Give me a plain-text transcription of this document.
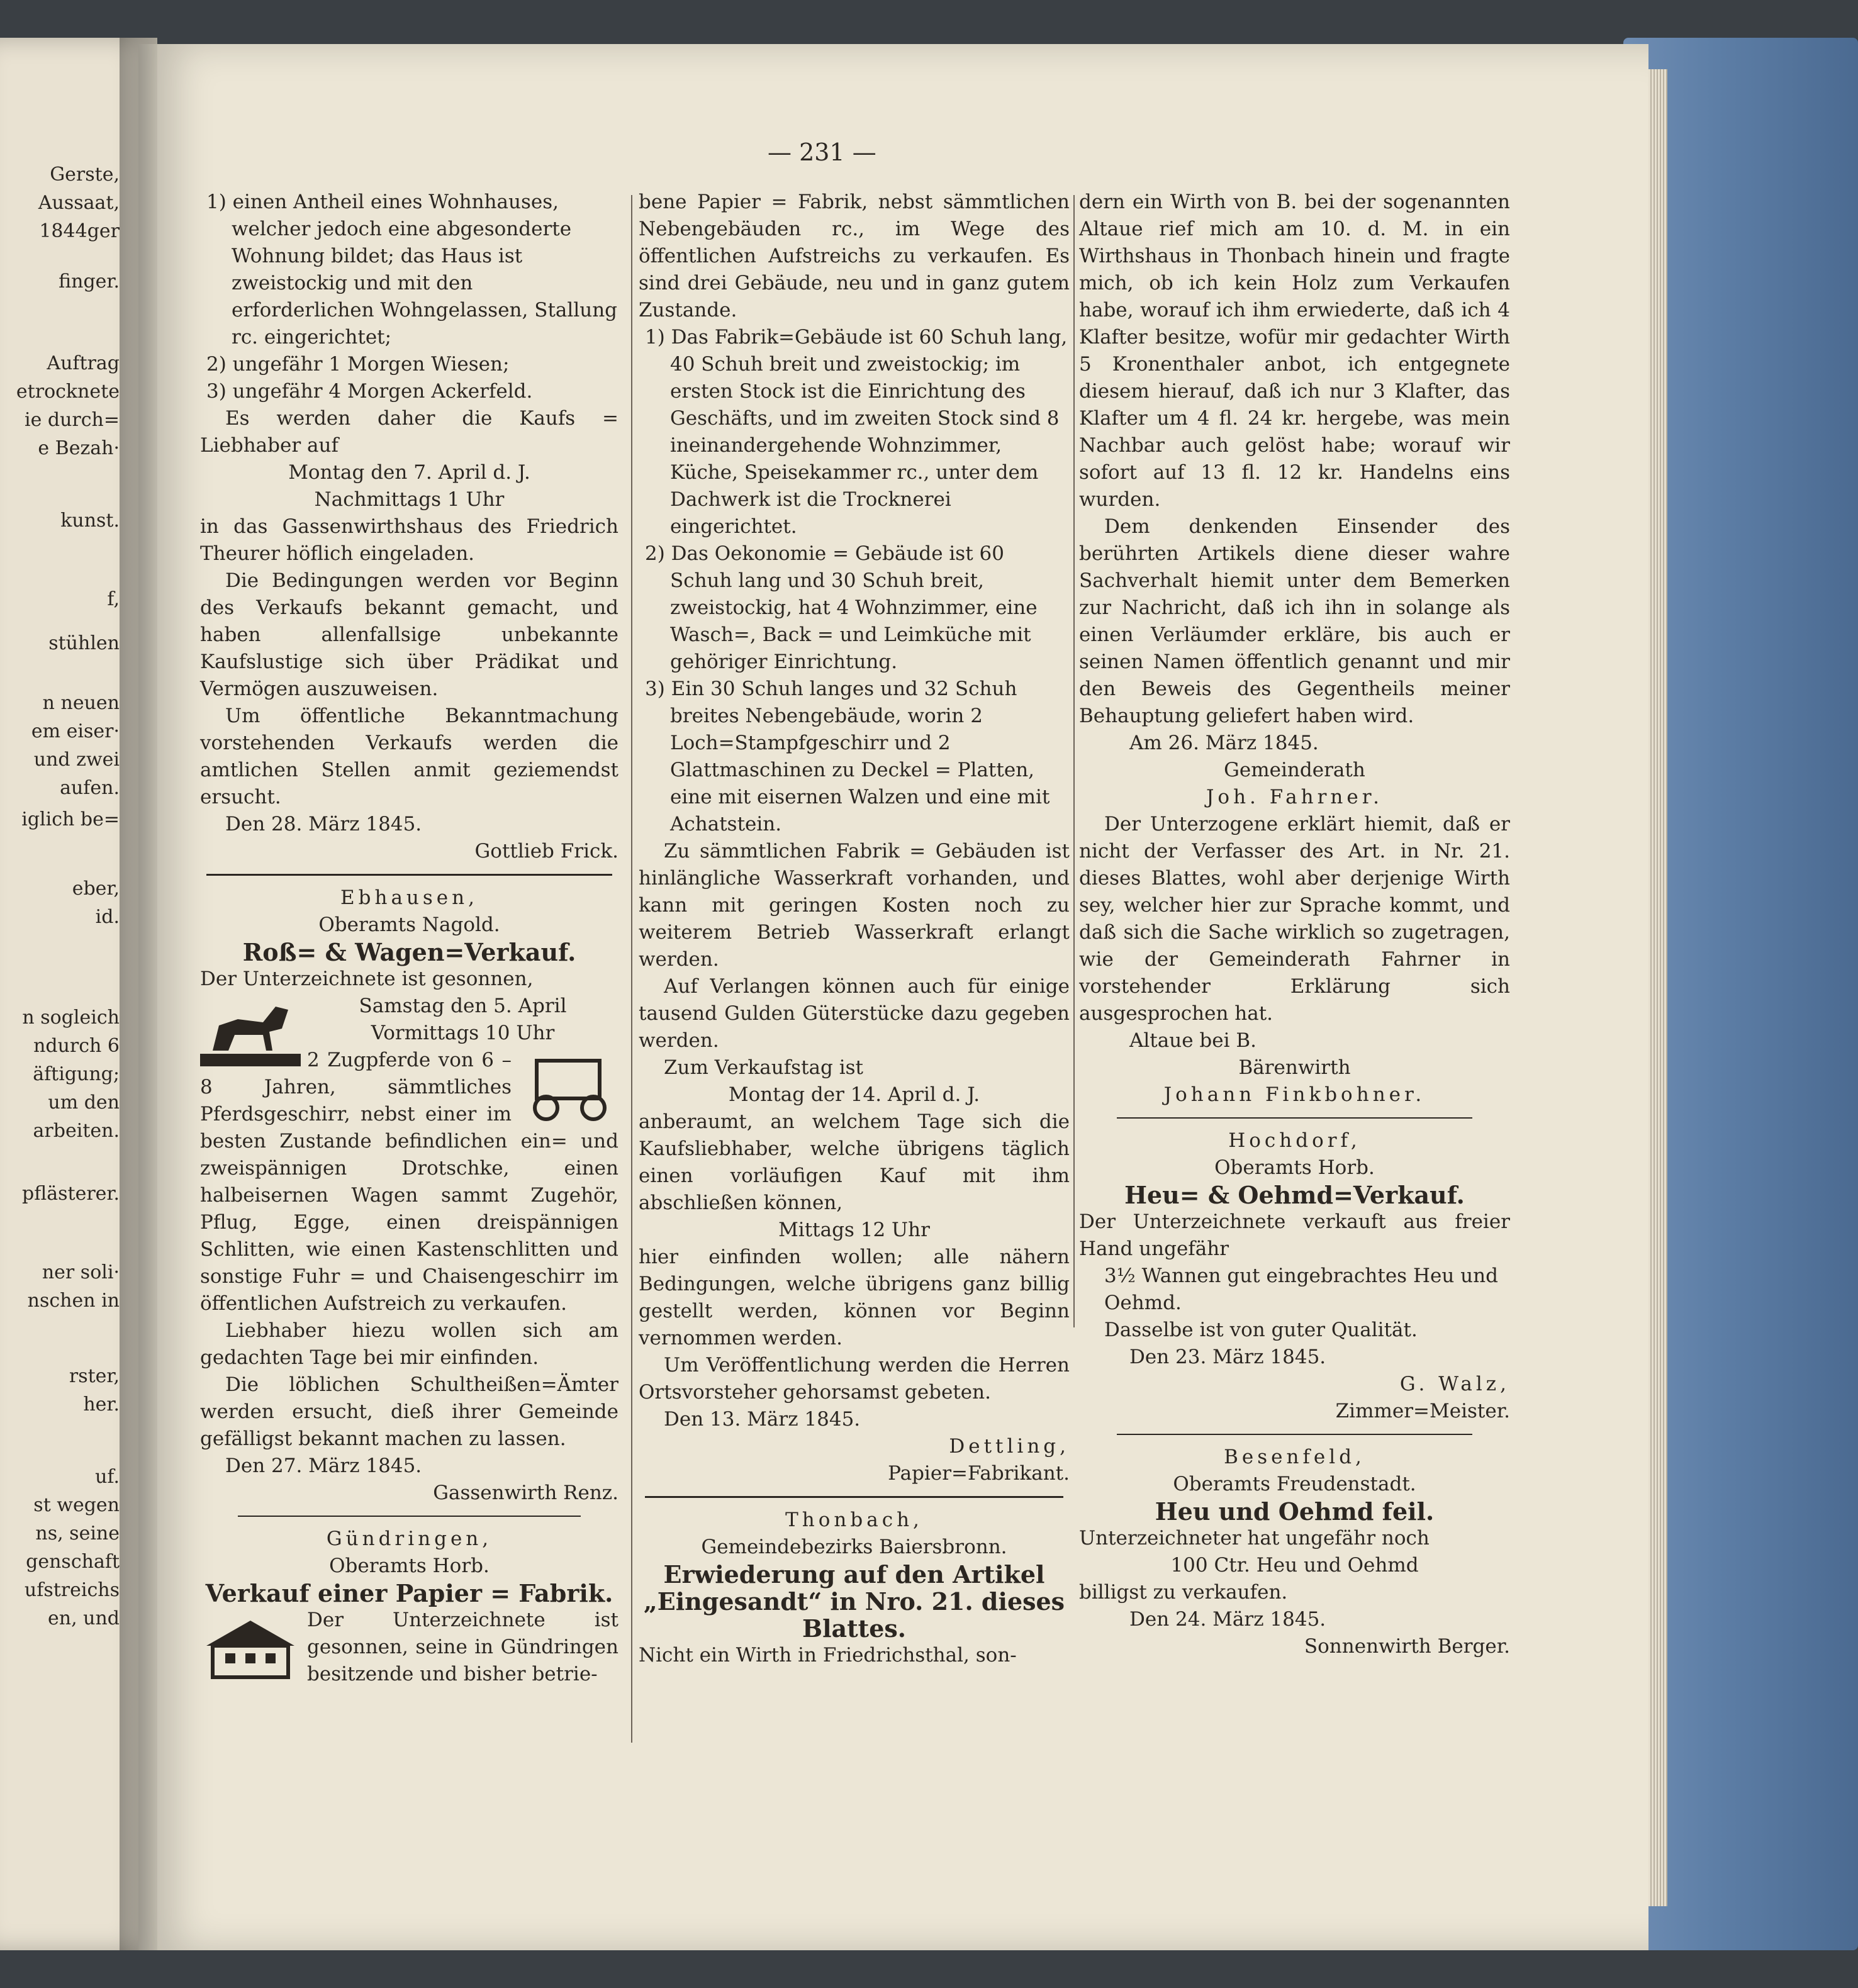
Gerste,
Aussaat,
1844ger
finger.
Auftrag
etrocknete
ie durch=
e Bezah·
kunst.
f,
stühlen
n neuen
em eiser·
und zwei
aufen.
iglich be=
eber,
id.
n sogleich
ndurch 6
äftigung;
um den
arbeiten.
pflästerer.
ner soli·
nschen in
rster,
her.
uf.
st wegen
ns, seine
genschaft
ufstreichs
en, und
— 231 —
1) einen Antheil eines Wohnhauses, welcher jedoch eine abgesonderte Wohnung bildet; das Haus ist zweistockig und mit den erforderlichen Wohngelassen, Stallung rc. eingerichtet;
2) ungefähr 1 Morgen Wiesen;
3) ungefähr 4 Morgen Ackerfeld.

Es werden daher die Kaufs = Liebhaber auf

Montag den 7. April d. J.
Nachmittags 1 Uhr

in das Gassenwirthshaus des Friedrich Theurer höflich eingeladen.

Die Bedingungen werden vor Beginn des Verkaufs bekannt gemacht, und haben allenfallsige unbekannte Kaufslustige sich über Prädikat und Vermögen auszuweisen.

Um öffentliche Bekanntmachung vorstehenden Verkaufs werden die amtlichen Stellen anmit geziemendst ersucht.

Den 28. März 1845.
Gottlieb Frick.
Ebhausen,
Oberamts Nagold.
Roß= & Wagen=Verkauf.

Der Unterzeichnete ist gesonnen,

Samstag den 5. April
Vormittags 10 Uhr

2 Zugpferde von 6 – 8 Jahren, sämmtliches Pferdsgeschirr, nebst einer im besten Zustande befindlichen ein= und zweispännigen Drotschke, einen halbeisernen Wagen sammt Zugehör, Pflug, Egge, einen dreispännigen Schlitten, wie einen Kastenschlitten und sonstige Fuhr = und Chaisengeschirr im öffentlichen Aufstreich zu verkaufen.

Liebhaber hiezu wollen sich am gedachten Tage bei mir einfinden.

Die löblichen Schultheißen=Ämter werden ersucht, dieß ihrer Gemeinde gefälligst bekannt machen zu lassen.

Den 27. März 1845.
Gassenwirth Renz.
Gündringen,
Oberamts Horb.
Verkauf einer Papier = Fabrik.

Der Unterzeichnete ist gesonnen, seine in Gündringen besitzende und bisher betrie-

bene Papier = Fabrik, nebst sämmtlichen Nebengebäuden rc., im Wege des öffentlichen Aufstreichs zu verkaufen. Es sind drei Gebäude, neu und in ganz gutem Zustande.

1) Das Fabrik=Gebäude ist 60 Schuh lang, 40 Schuh breit und zweistockig; im ersten Stock ist die Einrichtung des Geschäfts, und im zweiten Stock sind 8 ineinandergehende Wohnzimmer, Küche, Speisekammer rc., unter dem Dachwerk ist die Trocknerei eingerichtet.
2) Das Oekonomie = Gebäude ist 60 Schuh lang und 30 Schuh breit, zweistockig, hat 4 Wohnzimmer, eine Wasch=, Back = und Leimküche mit gehöriger Einrichtung.
3) Ein 30 Schuh langes und 32 Schuh breites Nebengebäude, worin 2 Loch=Stampfgeschirr und 2 Glattmaschinen zu Deckel = Platten, eine mit eisernen Walzen und eine mit Achatstein.

Zu sämmtlichen Fabrik = Gebäuden ist hinlängliche Wasserkraft vorhanden, und kann mit geringen Kosten noch zu weiterem Betrieb Wasserkraft erlangt werden.

Auf Verlangen können auch für einige tausend Gulden Güterstücke dazu gegeben werden.

Zum Verkaufstag ist
Montag der 14. April d. J.

anberaumt, an welchem Tage sich die Kaufsliebhaber, welche übrigens täglich einen vorläufigen Kauf mit ihm abschließen können,

Mittags 12 Uhr

hier einfinden wollen; alle nähern Bedingungen, welche übrigens ganz billig gestellt werden, können vor Beginn vernommen werden.

Um Veröffentlichung werden die Herren Ortsvorsteher gehorsamst gebeten.

Den 13. März 1845.
Dettling,
Papier=Fabrikant.
Thonbach,
Gemeindebezirks Baiersbronn.
Erwiederung auf den Artikel „Eingesandt“ in Nro. 21. dieses Blattes.

Nicht ein Wirth in Friedrichsthal, son-

dern ein Wirth von B. bei der sogenannten Altaue rief mich am 10. d. M. in ein Wirthshaus in Thonbach hinein und fragte mich, ob ich kein Holz zum Verkaufen habe, worauf ich ihm erwiederte, daß ich 4 Klafter besitze, wofür mir gedachter Wirth 5 Kronenthaler anbot, ich entgegnete diesem hierauf, daß ich nur 3 Klafter, das Klafter um 4 fl. 24 kr. hergebe, was mein Nachbar auch gelöst habe; worauf wir sofort auf 13 fl. 12 kr. Handelns eins wurden.

Dem denkenden Einsender des berührten Artikels diene dieser wahre Sachverhalt hiemit unter dem Bemerken zur Nachricht, daß ich ihn in solange als einen Verläumder erkläre, bis auch er seinen Namen öffentlich genannt und mir den Beweis des Gegentheils meiner Behauptung geliefert haben wird.

Am 26. März 1845.
Gemeinderath
Joh. Fahrner.

Der Unterzogene erklärt hiemit, daß er nicht der Verfasser des Art. in Nr. 21. dieses Blattes, wohl aber derjenige Wirth sey, welcher hier zur Sprache kommt, und daß sich die Sache wirklich so zugetragen, wie der Gemeinderath Fahrner in vorstehender Erklärung sich ausgesprochen hat.

Altaue bei B.
Bärenwirth
Johann Finkbohner.
Hochdorf,
Oberamts Horb.
Heu= & Oehmd=Verkauf.

Der Unterzeichnete verkauft aus freier Hand ungefähr

3½ Wannen gut eingebrachtes Heu und Oehmd.
Dasselbe ist von guter Qualität.
Den 23. März 1845.
G. Walz,
Zimmer=Meister.
Besenfeld,
Oberamts Freudenstadt.
Heu und Oehmd feil.

Unterzeichneter hat ungefähr noch

100 Ctr. Heu und Oehmd
billigst zu verkaufen.
Den 24. März 1845.
Sonnenwirth Berger.
